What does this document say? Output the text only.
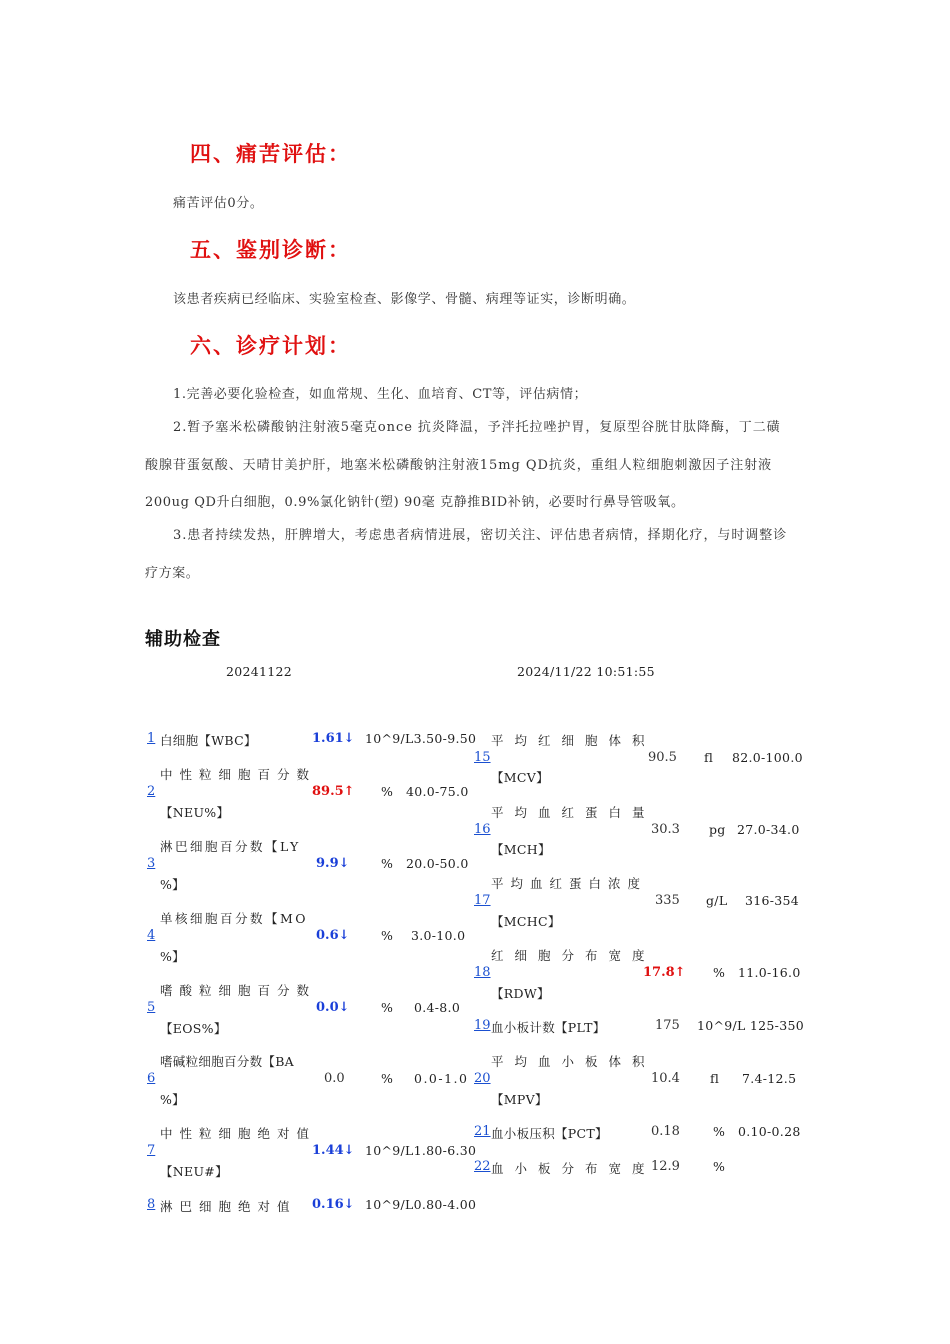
四、痛苦评估：
痛苦评估0分。
五、鉴别诊断：
该患者疾病已经临床、实验室检查、影像学、骨髓、病理等证实，诊断明确。
六、诊疗计划：
1.完善必要化验检查，如血常规、生化、血培育、CT等，评估病情；
2.暂予塞米松磷酸钠注射液5毫克once 抗炎降温，予泮托拉唑护胃，复原型谷胱甘肽降酶，丁二磺
酸腺苷蛋氨酸、天晴甘美护肝，地塞米松磷酸钠注射液15mg QD抗炎，重组人粒细胞刺激因子注射液
200ug QD升白细胞，0.9%氯化钠针(塑) 90毫 克静推BID补钠，必要时行鼻导管吸氧。
3.患者持续发热，肝脾增大，考虑患者病情进展，密切关注、评估患者病情，择期化疗，与时调整诊
疗方案。
辅助检查
20241122	2024/11/22 10:51:55
1 白细胞【WBC】	1.61↓ 10^9/L3.50-9.50
中性粒细胞百分数
2	89.5↑ % 40.0-75.0
【NEU%】
淋巴细胞百分数【LY
3	9.9↓	% 20.0-50.0
%】
单核细胞百分数【MO
4	0.6↓	% 3.0-10.0
%】
嗜酸粒细胞百分数
5	0.0↓	% 0.4-8.0
【EOS%】
嗜碱粒细胞百分数【BA
6	0.0	% 0.0-1.0
%】
中性粒细胞绝对值
7	1.44↓ 10^9/L1.80-6.30
【NEU#】
8 淋巴细胞绝对值 0.16↓ 10^9/L0.80-4.00
平均红细胞体积
15	90.5 fl 82.0-100.0
【MCV】
平均血红蛋白量
16	30.3 pg 27.0-34.0
【MCH】
平均血红蛋白浓度
17	335 g/L 316-354
【MCHC】
红细胞分布宽度
18	17.8↑ % 11.0-16.0
【RDW】
19 血小板计数【PLT】	175 10^9/L 125-350
平均血小板体积
20	10.4 fl 7.4-12.5
【MPV】
21 血小板压积【PCT】	0.18	% 0.10-0.28
22 血小板分布宽度
12.9	%
